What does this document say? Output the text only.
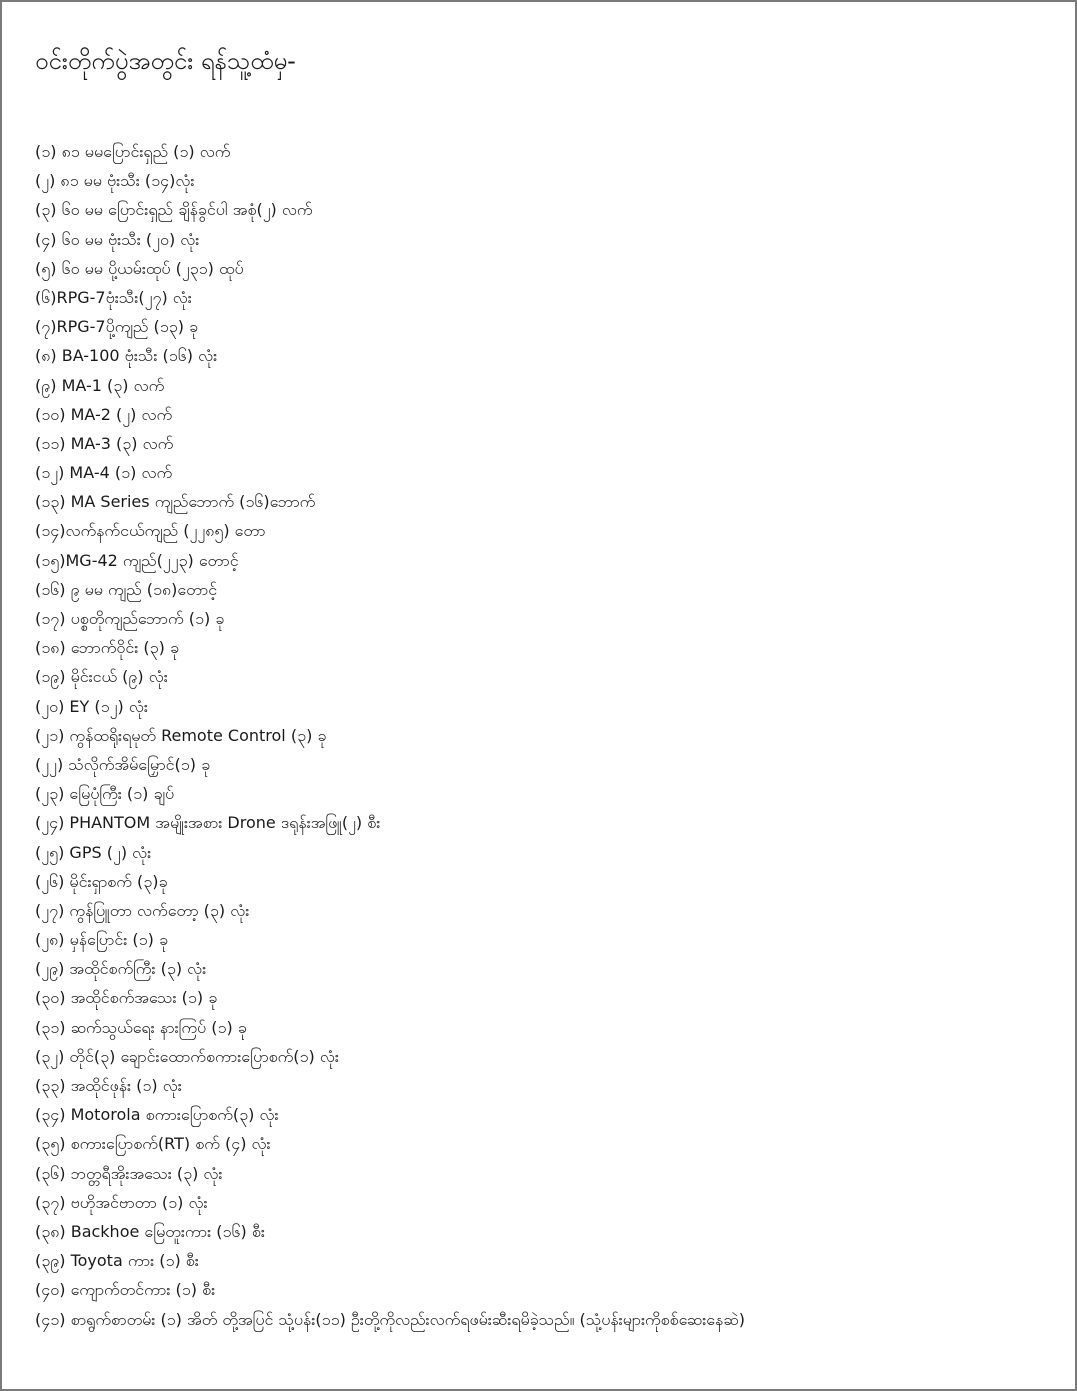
ဝင်းတိုက်ပွဲအတွင်း ရန်သူ့ထံမှ-
(၁) ၈၁ မမပြောင်းရှည် (၁) လက်
(၂) ၈၁ မမ ဗုံးသီး (၁၄)လုံး
(၃) ၆၀ မမ ပြောင်းရှည် ချိန်ခွင်ပါ အစုံ(၂) လက်
(၄) ၆၀ မမ ဗုံးသီး (၂၀) လုံး
(၅) ၆၀ မမ ပို့ယမ်းထုပ် (၂၃၁) ထုပ်
(၆)RPG-7ဗုံးသီး(၂၇) လုံး
(၇)RPG-7ပို့ကျည် (၁၃) ခု
(၈) BA-100 ဗုံးသီး (၁၆) လုံး
(၉) MA-1 (၃) လက်
(၁၀) MA-2 (၂) လက်
(၁၁) MA-3 (၃) လက်
(၁၂) MA-4 (၁) လက်
(၁၃) MA Series ကျည်ဘောက် (၁၆)ဘောက်
(၁၄)လက်နက်ငယ်ကျည် (၂၂၈၅) တော
(၁၅)MG-42 ကျည်(၂၂၃) တောင့်
(၁၆) ၉ မမ ကျည် (၁၈)တောင့်
(၁၇) ပစ္စတိုကျည်ဘောက် (၁) ခု
(၁၈) ဘောက်ဝိုင်း (၃) ခု
(၁၉) မိုင်းငယ် (၉) လုံး
(၂၀) EY (၁၂) လုံး
(၂၁) ကွန်ထရိုးရမုတ် Remote Control (၃) ခု
(၂၂) သံလိုက်အိမ်မြှောင်(၁) ခု
(၂၃) မြေပုံကြီး (၁) ချပ်
(၂၄) PHANTOM အမျိုးအစား Drone ဒရုန်းအဖြူ(၂) စီး
(၂၅) GPS (၂) လုံး
(၂၆) မိုင်းရှာစက် (၃)ခု
(၂၇) ကွန်ပြူတာ လက်တော့ (၃) လုံး
(၂၈) မှန်ပြောင်း (၁) ခု
(၂၉) အထိုင်စက်ကြီး (၃) လုံး
(၃၀) အထိုင်စက်အသေး (၁) ခု
(၃၁) ဆက်သွယ်ရေး နားကြပ် (၁) ခု
(၃၂) တိုင်(၃) ချောင်းထောက်စကားပြောစက်(၁) လုံး
(၃၃) အထိုင်ဖုန်း (၁) လုံး
(၃၄) Motorola စကားပြောစက်(၃) လုံး
(၃၅) စကားပြောစက်(RT) စက် (၄) လုံး
(၃၆) ဘတ္တရီအိုးအသေး (၃) လုံး
(၃၇) ဗဟိုအင်ဗာတာ (၁) လုံး
(၃၈) Backhoe မြေတူးကား (၁၆) စီး
(၃၉) Toyota ကား (၁) စီး
(၄၀) ကျောက်တင်ကား (၁) စီး
(၄၁) စာရွက်စာတမ်း (၁) အိတ် တို့အပြင် သုံ့ပန်း(၁၁) ဦးတို့ကိုလည်းလက်ရဖမ်းဆီးရမိခဲ့သည်။ (သုံ့ပန်းများကိုစစ်ဆေးနေဆဲ)
